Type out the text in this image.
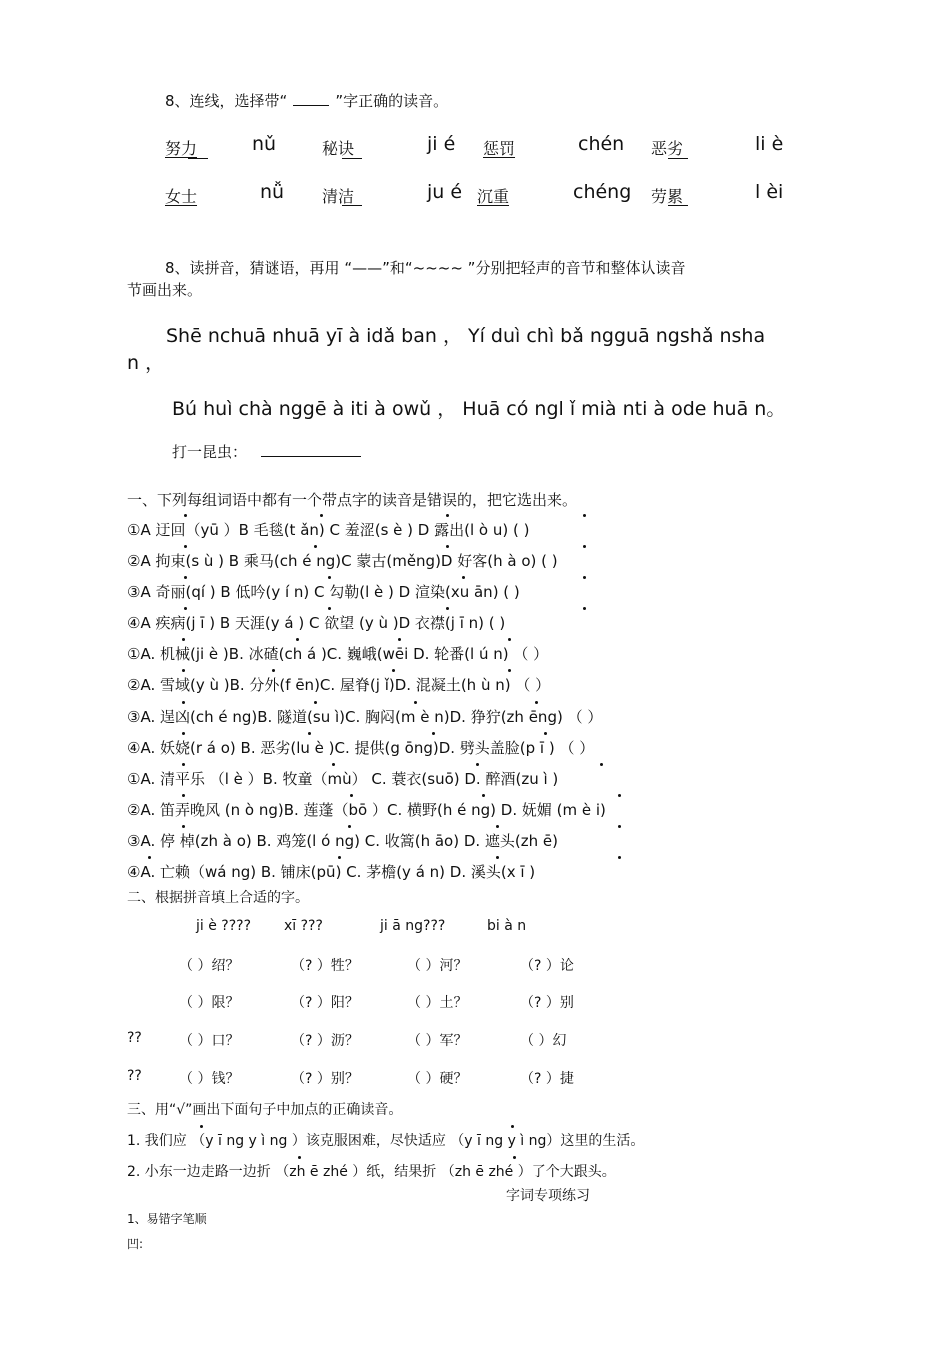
8、连线，选择带“	”字正确的读音。
努力	nǔ	秘诀	ji é 惩罚	chén 恶劣	li è
女士	nǚ 清洁	ju é 沉重	chéng 劳累	l èi
8、读拼音，猜谜语，再用 “——”和“~~~~ ”分别把轻声的音节和整体认读音
节画出来。
Shē nchuā nhuā yī à idǎ ban ， Yí duì chì bǎ ngguā ngshǎ nsha
n ，
Bú huì chà nggē à iti à owǔ ， Huā có ngl ǐ mià nti à ode huā n。
打一昆虫：
一、下列每组词语中都有一个带点字的读音是错误的，把它选出来。
①A 迂回（yū ）B 毛毯(t ǎn) C 羞涩(s è ) D 露出(l ò u) ( )
②A 拘束(s ù ) B 乘马(ch é ng)C 蒙古(měng)D 好客(h à o) ( )
③A 奇丽(qí ) B 低吟(y í n) C 勾勒(l è ) D 渲染(xu ān) ( )
④A 疾病(j ī ) B 天涯(y á ) C 欲望 (y ù )D 衣襟(j ī n) ( )
①A. 机械(ji è )B. 冰碴(ch á )C. 巍峨(wēi D. 轮番(l ú n) （ ）
②A. 雪域(y ù )B. 分外(f ēn)C. 屋脊(j ǐ)D. 混凝土(h ù n) （ ）
③A. 逞凶(ch é ng)B. 隧道(su ì)C. 胸闷(m è n)D. 狰狞(zh ēng) （ ）
④A. 妖娆(r á o) B. 恶劣(lu è )C. 提供(g ōng)D. 劈头盖脸(p ī ) （ ）
①A. 清平乐 （l è ）B. 牧童（mù） C. 蓑衣(suō) D. 醉酒(zu ì )
②A. 笛弄晚风 (n ò ng)B. 莲蓬（bō ）C. 横野(h é ng) D. 妩媚 (m è i)
③A. 停 棹(zh à o) B. 鸡笼(l ó ng) C. 收篙(h āo) D. 遮头(zh ē)
④A. 亡赖（wá ng) B. 铺床(pū) C. 茅檐(y á n) D. 溪头(x ī )
二、根据拼音填上合适的字。
ji è ???? xī ???	ji ā ng???	bi à n
（ ）绍？	（? ）牲？	（ ）河？	（? ）论
（ ）限？	（? ）阳？	（ ）土？	（? ）别
??	（ ）口？	（? ）沥？	（ ）军？	（ ）幻
??	（ ）钱？	（? ）别？	（ ）硬？	（? ）捷
三、用“√”画出下面句子中加点的正确读音。
1. 我们应 （y ī ng y ì ng ）该克服困难，尽快适应 （y ī ng y ì ng）这里的生活。
2. 小东一边走路一边折 （zh ē zhé ）纸，结果折 （zh ē zhé ）了个大跟头。
字词专项练习
1、易错字笔顺
凹:
